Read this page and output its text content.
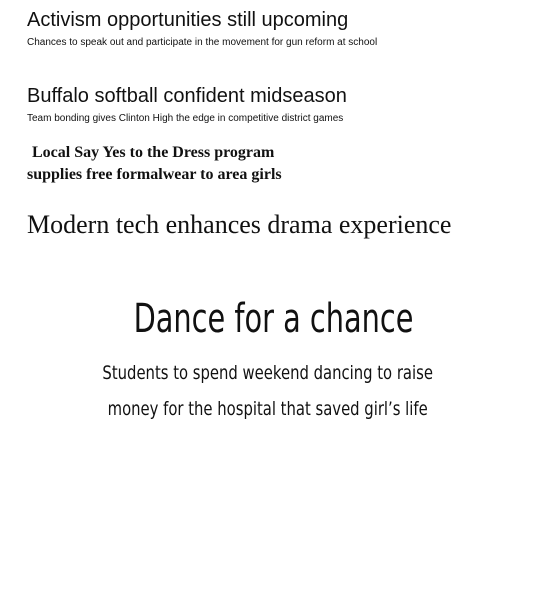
Activism opportunities still upcoming

Chances to speak out and participate in the movement for gun reform at school

Buffalo softball confident midseason

Team bonding gives Clinton High the edge in competitive district games

Local Say Yes to the Dress program
supplies free formalwear to area girls
Modern tech enhances drama experience
Dance for a chance

Students to spend weekend dancing to raise
money for the hospital that saved girl’s life
